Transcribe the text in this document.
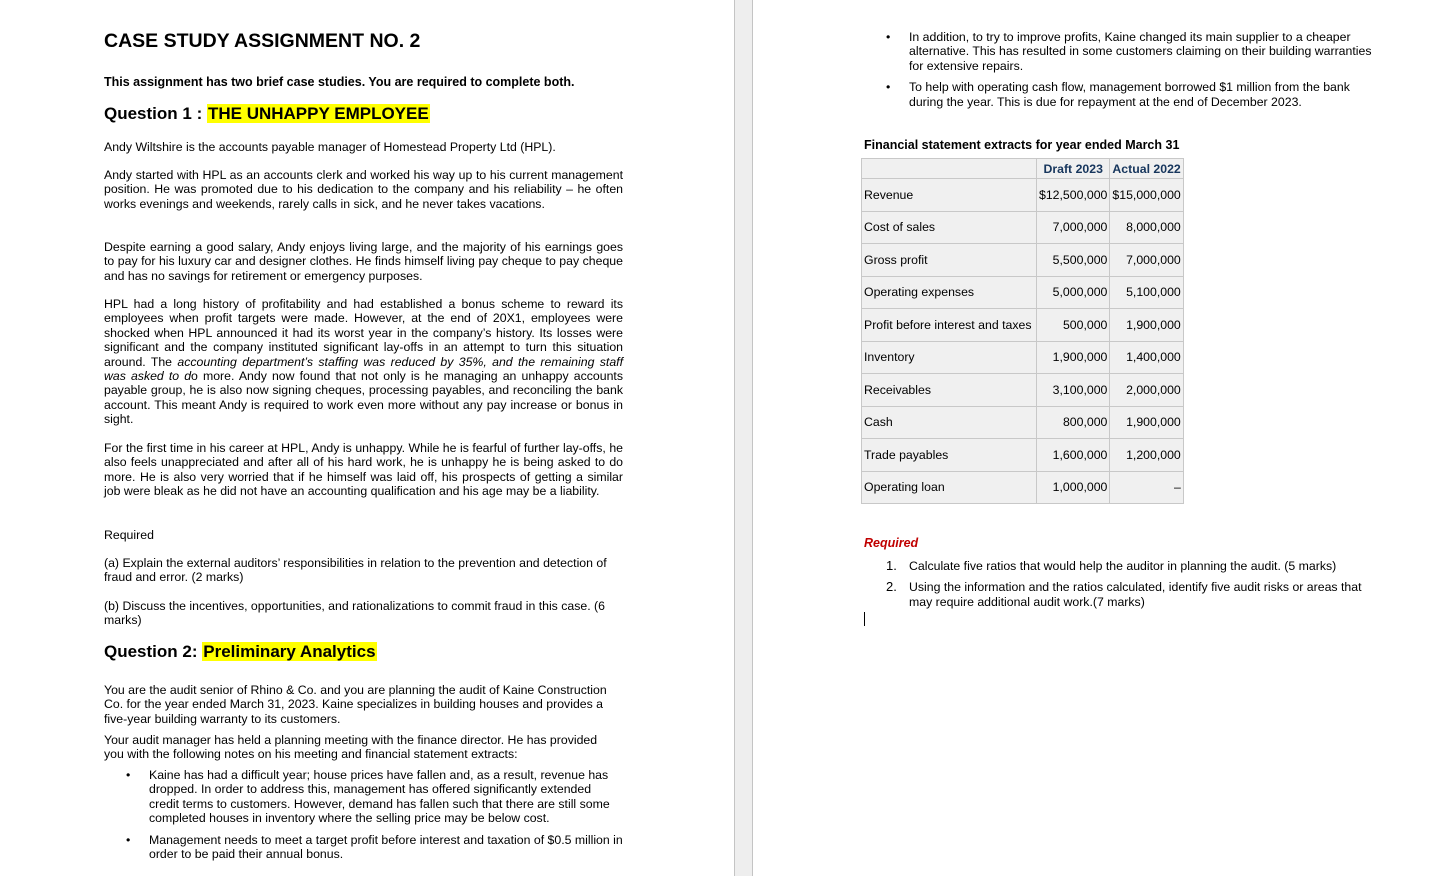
CASE STUDY ASSIGNMENT NO. 2
This assignment has two brief case studies. You are required to complete both.
Question 1 : THE UNHAPPY EMPLOYEE
Andy Wiltshire is the accounts payable manager of Homestead Property Ltd (HPL).
Andy started with HPL as an accounts clerk and worked his way up to his current management position. He was promoted due to his dedication to the company and his reliability – he often works evenings and weekends, rarely calls in sick, and he never takes vacations.
Despite earning a good salary, Andy enjoys living large, and the majority of his earnings goes to pay for his luxury car and designer clothes. He finds himself living pay cheque to pay cheque and has no savings for retirement or emergency purposes.
HPL had a long history of profitability and had established a bonus scheme to reward its employees when profit targets were made. However, at the end of 20X1, employees were shocked when HPL announced it had its worst year in the company’s history. Its losses were significant and the company instituted significant lay-offs in an attempt to turn this situation around. The accounting department’s staffing was reduced by 35%, and the remaining staff was asked to do more. Andy now found that not only is he managing an unhappy accounts payable group, he is also now signing cheques, processing payables, and reconciling the bank account. This meant Andy is required to work even more without any pay increase or bonus in sight.
For the first time in his career at HPL, Andy is unhappy. While he is fearful of further lay-offs, he also feels unappreciated and after all of his hard work, he is unhappy he is being asked to do more. He is also very worried that if he himself was laid off, his prospects of getting a similar job were bleak as he did not have an accounting qualification and his age may be a liability.
Required
(a) Explain the external auditors’ responsibilities in relation to the prevention and detection of fraud and error. (2 marks)
(b) Discuss the incentives, opportunities, and rationalizations to commit fraud in this case. (6 marks)
Question 2: Preliminary Analytics
You are the audit senior of Rhino & Co. and you are planning the audit of Kaine Construction Co. for the year ended March 31, 2023. Kaine specializes in building houses and provides a five-year building warranty to its customers.
Your audit manager has held a planning meeting with the finance director. He has provided you with the following notes on his meeting and financial statement extracts:
• Kaine has had a difficult year; house prices have fallen and, as a result, revenue has dropped. In order to address this, management has offered significantly extended credit terms to customers. However, demand has fallen such that there are still some completed houses in inventory where the selling price may be below cost.
• Management needs to meet a target profit before interest and taxation of $0.5 million in order to be paid their annual bonus.
• In addition, to try to improve profits, Kaine changed its main supplier to a cheaper alternative. This has resulted in some customers claiming on their building warranties for extensive repairs.
• To help with operating cash flow, management borrowed $1 million from the bank during the year. This is due for repayment at the end of December 2023.
Financial statement extracts for year ended March 31
	Draft 2023	Actual 2022
Revenue	$12,500,000	$15,000,000
Cost of sales	7,000,000	8,000,000
Gross profit	5,500,000	7,000,000
Operating expenses	5,000,000	5,100,000
Profit before interest and taxes	500,000	1,900,000
Inventory	1,900,000	1,400,000
Receivables	3,100,000	2,000,000
Cash	800,000	1,900,000
Trade payables	1,600,000	1,200,000
Operating loan	1,000,000	–
Required
1. Calculate five ratios that would help the auditor in planning the audit. (5 marks)
2. Using the information and the ratios calculated, identify five audit risks or areas that may require additional audit work.(7 marks)
